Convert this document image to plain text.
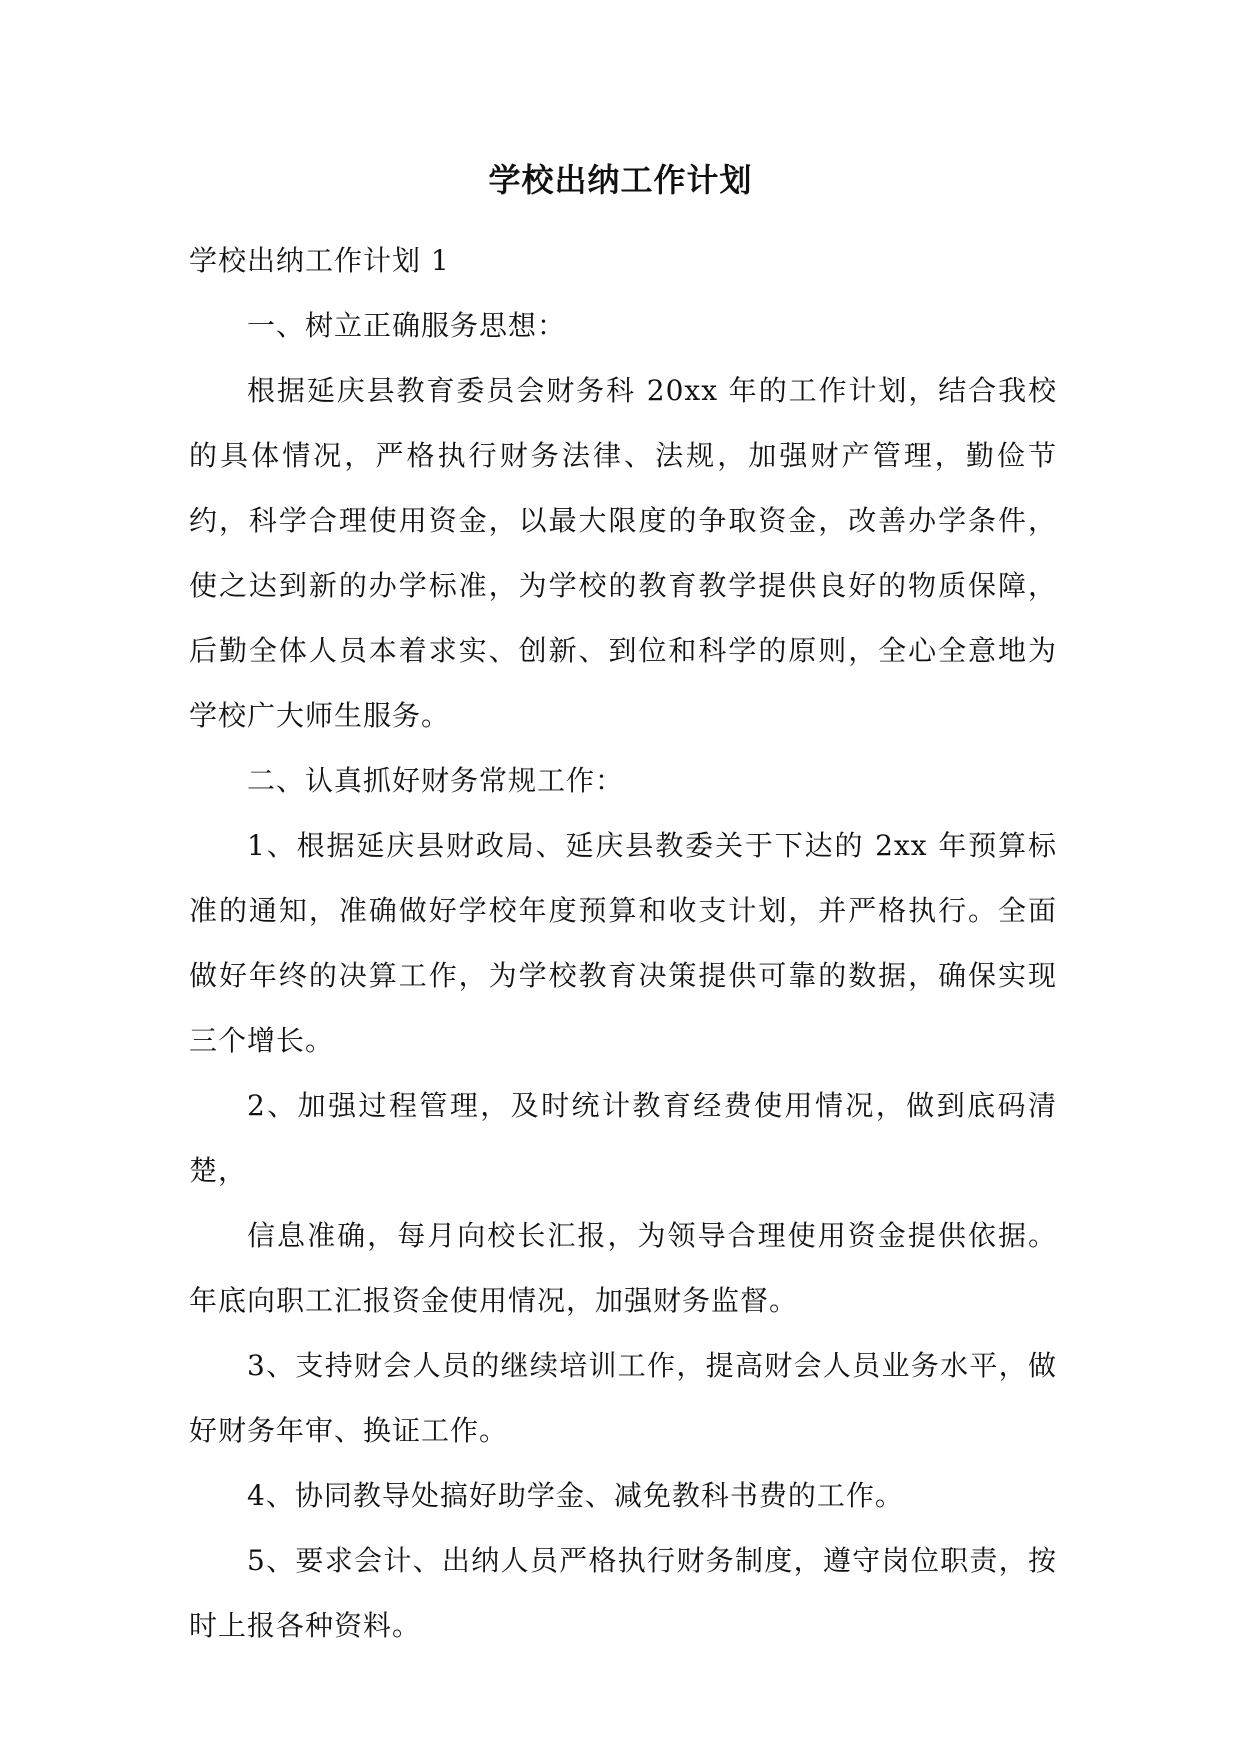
学校出纳工作计划

学校出纳工作计划 1

一、树立正确服务思想：

根据延庆县教育委员会财务科 20xx 年的工作计划，结合我校的具体情况，严格执行财务法律、法规，加强财产管理，勤俭节约，科学合理使用资金，以最大限度的争取资金，改善办学条件，使之达到新的办学标准，为学校的教育教学提供良好的物质保障，后勤全体人员本着求实、创新、到位和科学的原则，全心全意地为学校广大师生服务。

二、认真抓好财务常规工作：

1、根据延庆县财政局、延庆县教委关于下达的 2xx 年预算标准的通知，准确做好学校年度预算和收支计划，并严格执行。全面做好年终的决算工作，为学校教育决策提供可靠的数据，确保实现三个增长。

2、加强过程管理，及时统计教育经费使用情况，做到底码清楚，

信息准确，每月向校长汇报，为领导合理使用资金提供依据。年底向职工汇报资金使用情况，加强财务监督。

3、支持财会人员的继续培训工作，提高财会人员业务水平，做好财务年审、换证工作。

4、协同教导处搞好助学金、减免教科书费的工作。

5、要求会计、出纳人员严格执行财务制度，遵守岗位职责，按时上报各种资料。
